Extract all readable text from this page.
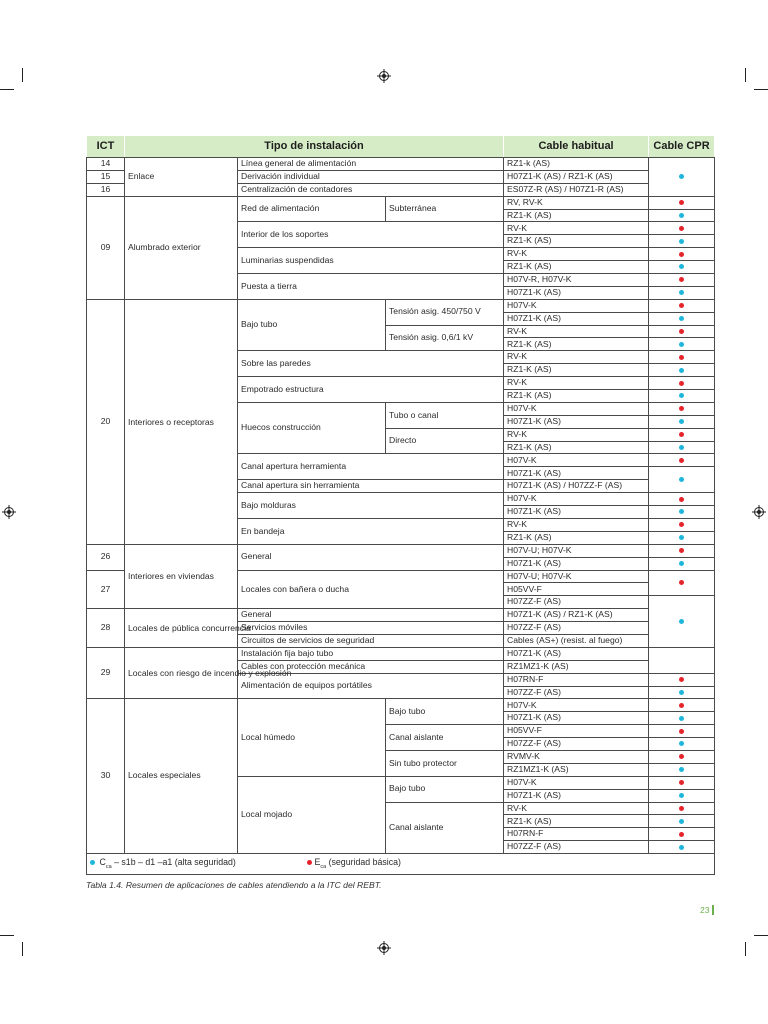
ICT	Tipo de instalación			Cable habitual	Cable CPR
14	Enlace	Línea general de alimentación		RZ1-k (AS)	
15		Derivación individual		H07Z1-K (AS) / RZ1-K (AS)	
16		Centralización de contadores		ES07Z-R (AS) / H07Z1-R (AS)	
09	Alumbrado exterior	Red de alimentación	Subterránea	RV, RV-K	
				RZ1-K (AS)	
		Interior de los soportes		RV-K	
				RZ1-K (AS)	
		Luminarias suspendidas		RV-K	
				RZ1-K (AS)	
		Puesta a tierra		H07V-R, H07V-K	
				H07Z1-K (AS)	
20	Interiores o receptoras	Bajo tubo	Tensión asig. 450/750 V	H07V-K	
				H07Z1-K (AS)	
			Tensión asig. 0,6/1 kV	RV-K	
				RZ1-K (AS)	
		Sobre las paredes		RV-K	
				RZ1-K (AS)	
		Empotrado estructura		RV-K	
				RZ1-K (AS)	
		Huecos construcción	Tubo o canal	H07V-K	
				H07Z1-K (AS)	
			Directo	RV-K	
				RZ1-K (AS)	
		Canal apertura herramienta		H07V-K	
				H07Z1-K (AS)	
		Canal apertura sin herramienta		H07Z1-K (AS) / H07ZZ-F (AS)	
		Bajo molduras		H07V-K	
				H07Z1-K (AS)	
		En bandeja		RV-K	
				RZ1-K (AS)	
26	Interiores en viviendas	General		H07V-U; H07V-K	
				H07Z1-K (AS)	
27		Locales con bañera o ducha		H07V-U; H07V-K	
				H05VV-F	
				H07ZZ-F (AS)	
28	Locales de pública concurrencia	General		H07Z1-K (AS) / RZ1-K (AS)	
		Servicios móviles		H07ZZ-F (AS)	
		Circuitos de servicios de seguridad		Cables (AS+) (resist. al fuego)	
29	Locales con riesgo de incendio y explosión	Instalación fija bajo tubo		H07Z1-K (AS)	
		Cables con protección mecánica		RZ1MZ1-K (AS)	
		Alimentación de equipos portátiles		H07RN-F	
				H07ZZ-F (AS)	
30	Locales especiales	Local húmedo	Bajo tubo	H07V-K	
				H07Z1-K (AS)	
			Canal aislante	H05VV-F	
				H07ZZ-F (AS)	
			Sin tubo protector	RVMV-K	
				RZ1MZ1-K (AS)	
		Local mojado	Bajo tubo	H07V-K	
				H07Z1-K (AS)	
			Canal aislante	RV-K	
				RZ1-K (AS)	
				H07RN-F	
				H07ZZ-F (AS)	
$C_{ca} - s1b - d1$ –a1 (alta seguridad) $E_{ca}$ (seguridad básica)					
Tabla 1.4. Resumen de aplicaciones de cables atendiendo a la ITC del REBT.
23
